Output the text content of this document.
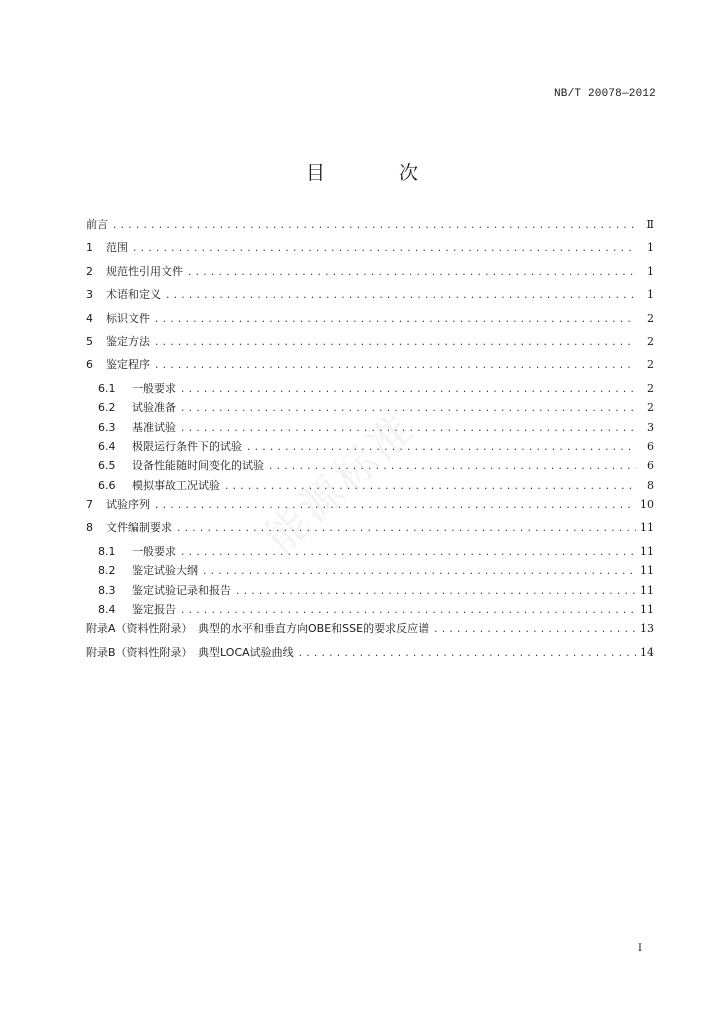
NB/T 20078—2012
目 次
能源标准
前言 .....	Ⅱ
1	范围 .....	1
2	规范性引用文件 .....	1
3	术语和定义 .....	1
4	标识文件 .....	2
5	鉴定方法 .....	2
6	鉴定程序 .....	2
6.1	一般要求 .....	2
6.2	试验准备 .....	2
6.3	基准试验 .....	3
6.4	极限运行条件下的试验 .....	6
6.5	设备性能随时间变化的试验 .....	6
6.6	模拟事故工况试验 .....	8
7	试验序列 .....	10
8	文件编制要求 .....	11
8.1	一般要求 .....	11
8.2	鉴定试验大纲 .....	11
8.3	鉴定试验记录和报告 .....	11
8.4	鉴定报告 .....	11
附录A（资料性附录）　典型的水平和垂直方向OBE和SSE的要求反应谱 .....	13
附录B（资料性附录）　典型LOCA试验曲线 .....	14
I
